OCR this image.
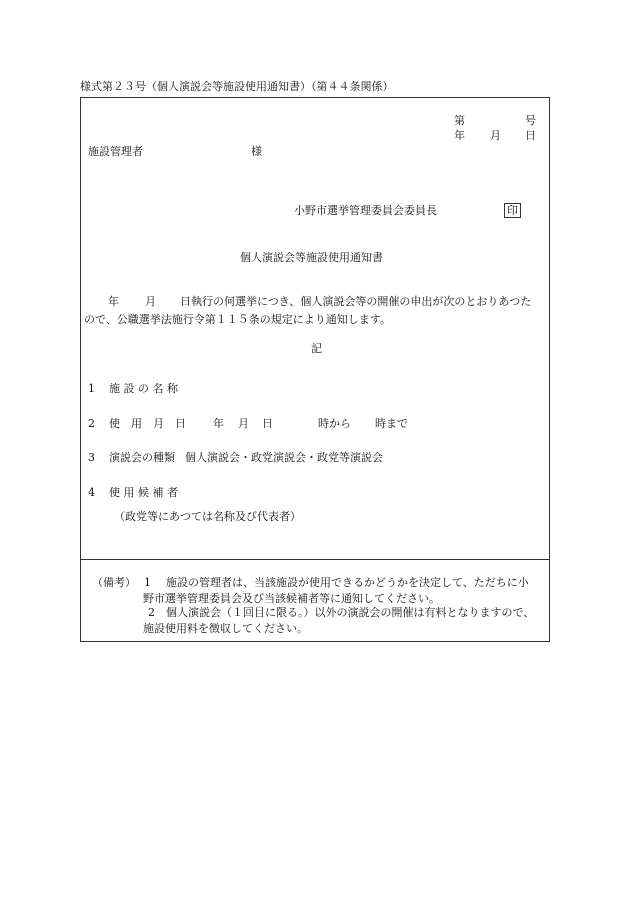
様式第２３号（個人演説会等施設使用通知書）（第４４条関係）
第	号
年 月 日
施設管理者	様
小野市選挙管理委員会委員長	印
個人演説会等施設使用通知書
年 月 日執行の何選挙につき、個人演説会等の開催の申出が次のとおりあつた
ので、公職選挙法施行令第１１５条の規定により通知します。
記
1 施 設 の 名 称
2 使　用　月　日 年 月 日	時から 時まで
3 演説会の種類 個人演説会・政党演説会・政党等演説会
4 使 用 候 補 者
（政党等にあつては名称及び代表者）
（備考） 1 施設の管理者は、当該施設が使用できるかどうかを決定して、ただちに小
野市選挙管理委員会及び当該候補者等に通知してください。
2 個人演説会（１回目に限る。）以外の演説会の開催は有料となりますので、
施設使用料を徴収してください。
